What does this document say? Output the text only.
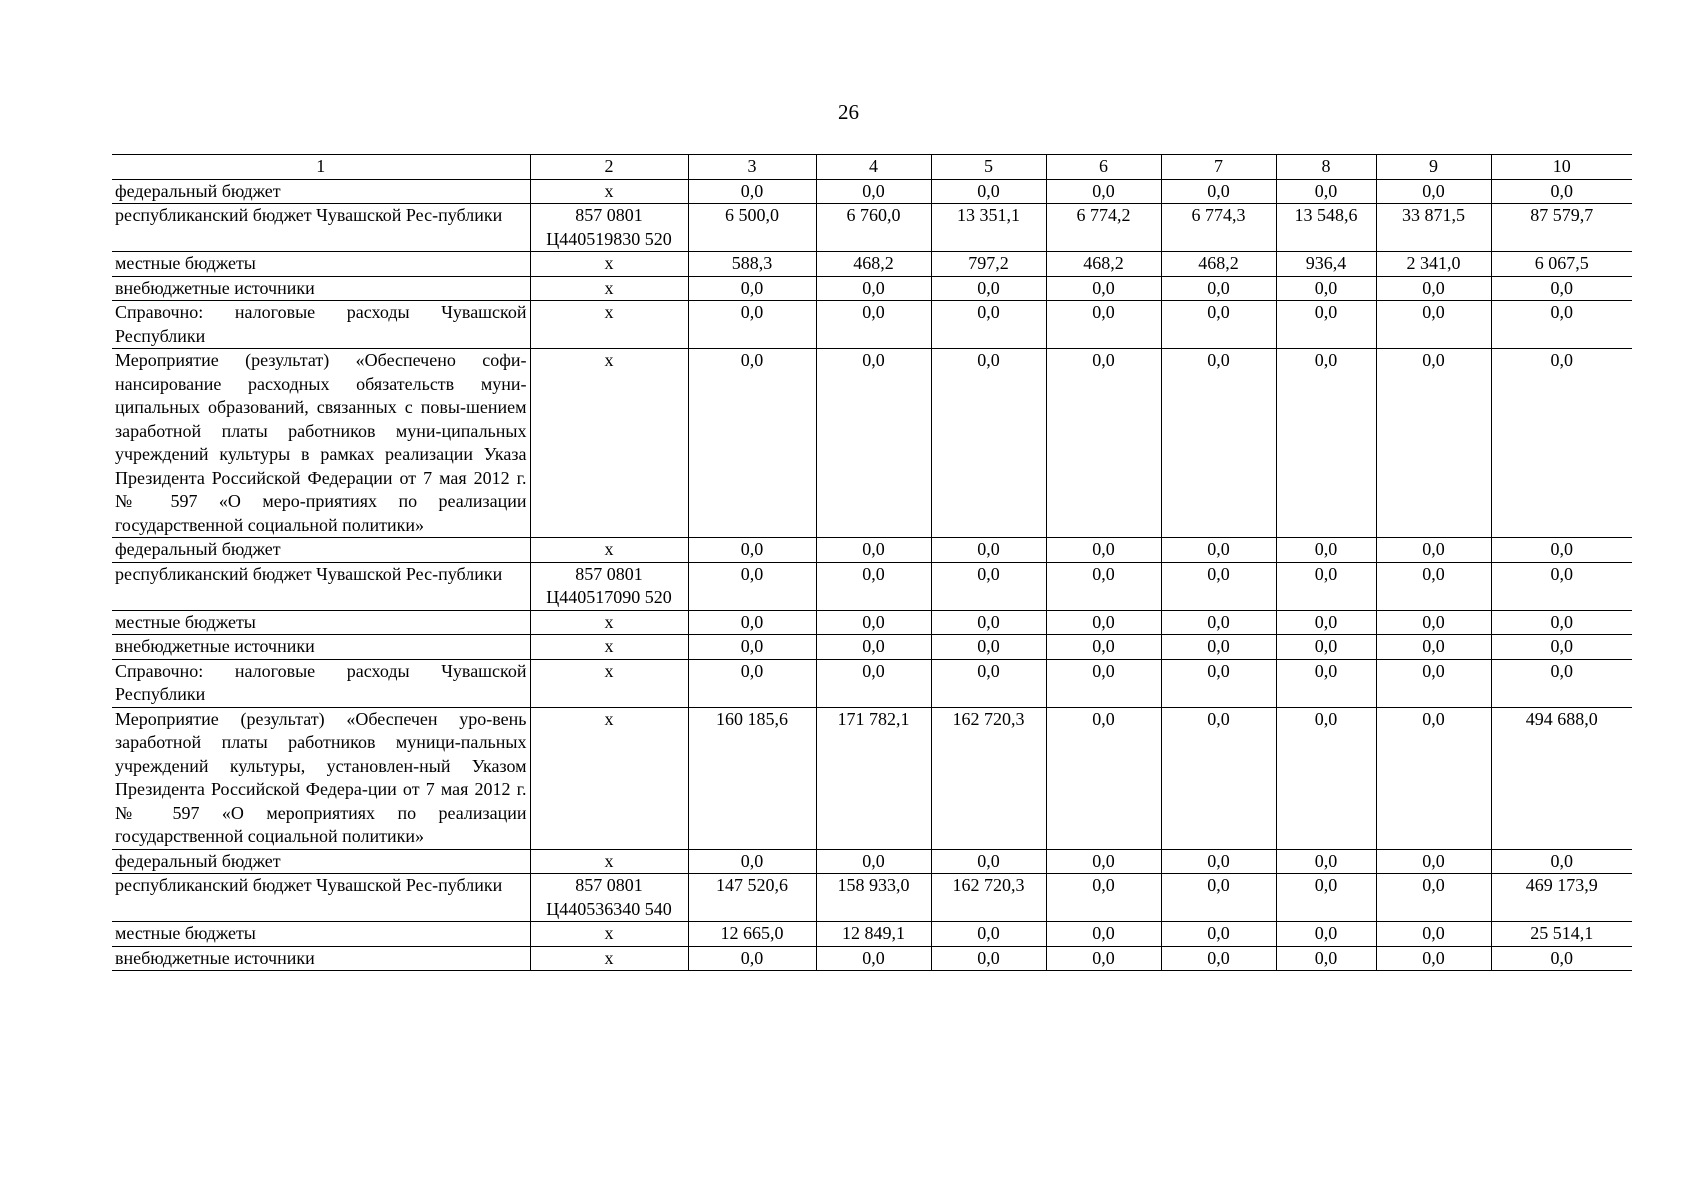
26
1	2	3	4	5	6	7	8	9	10
федеральный бюджет	x	0,0	0,0	0,0	0,0	0,0	0,0	0,0	0,0
республиканский бюджет Чувашской Рес-публики	857 0801 Ц440519830 520	6 500,0	6 760,0	13 351,1	6 774,2	6 774,3	13 548,6	33 871,5	87 579,7
местные бюджеты	x	588,3	468,2	797,2	468,2	468,2	936,4	2 341,0	6 067,5
внебюджетные источники	x	0,0	0,0	0,0	0,0	0,0	0,0	0,0	0,0
Справочно: налоговые расходы Чувашской Республики	x	0,0	0,0	0,0	0,0	0,0	0,0	0,0	0,0
Мероприятие (результат) «Обеспечено софи-нансирование расходных обязательств муни-ципальных образований, связанных с повы-шением заработной платы работников муни-ципальных учреждений культуры в рамках реализации Указа Президента Российской Федерации от 7 мая 2012 г. № 597 «О меро-приятиях по реализации государственной социальной политики»	x	0,0	0,0	0,0	0,0	0,0	0,0	0,0	0,0
федеральный бюджет	x	0,0	0,0	0,0	0,0	0,0	0,0	0,0	0,0
республиканский бюджет Чувашской Рес-публики	857 0801 Ц440517090 520	0,0	0,0	0,0	0,0	0,0	0,0	0,0	0,0
местные бюджеты	x	0,0	0,0	0,0	0,0	0,0	0,0	0,0	0,0
внебюджетные источники	x	0,0	0,0	0,0	0,0	0,0	0,0	0,0	0,0
Справочно: налоговые расходы Чувашской Республики	x	0,0	0,0	0,0	0,0	0,0	0,0	0,0	0,0
Мероприятие (результат) «Обеспечен уро-вень заработной платы работников муници-пальных учреждений культуры, установлен-ный Указом Президента Российской Федера-ции от 7 мая 2012 г. № 597 «О мероприятиях по реализации государственной социальной политики»	x	160 185,6	171 782,1	162 720,3	0,0	0,0	0,0	0,0	494 688,0
федеральный бюджет	x	0,0	0,0	0,0	0,0	0,0	0,0	0,0	0,0
республиканский бюджет Чувашской Рес-публики	857 0801 Ц440536340 540	147 520,6	158 933,0	162 720,3	0,0	0,0	0,0	0,0	469 173,9
местные бюджеты	x	12 665,0	12 849,1	0,0	0,0	0,0	0,0	0,0	25 514,1
внебюджетные источники	x	0,0	0,0	0,0	0,0	0,0	0,0	0,0	0,0
